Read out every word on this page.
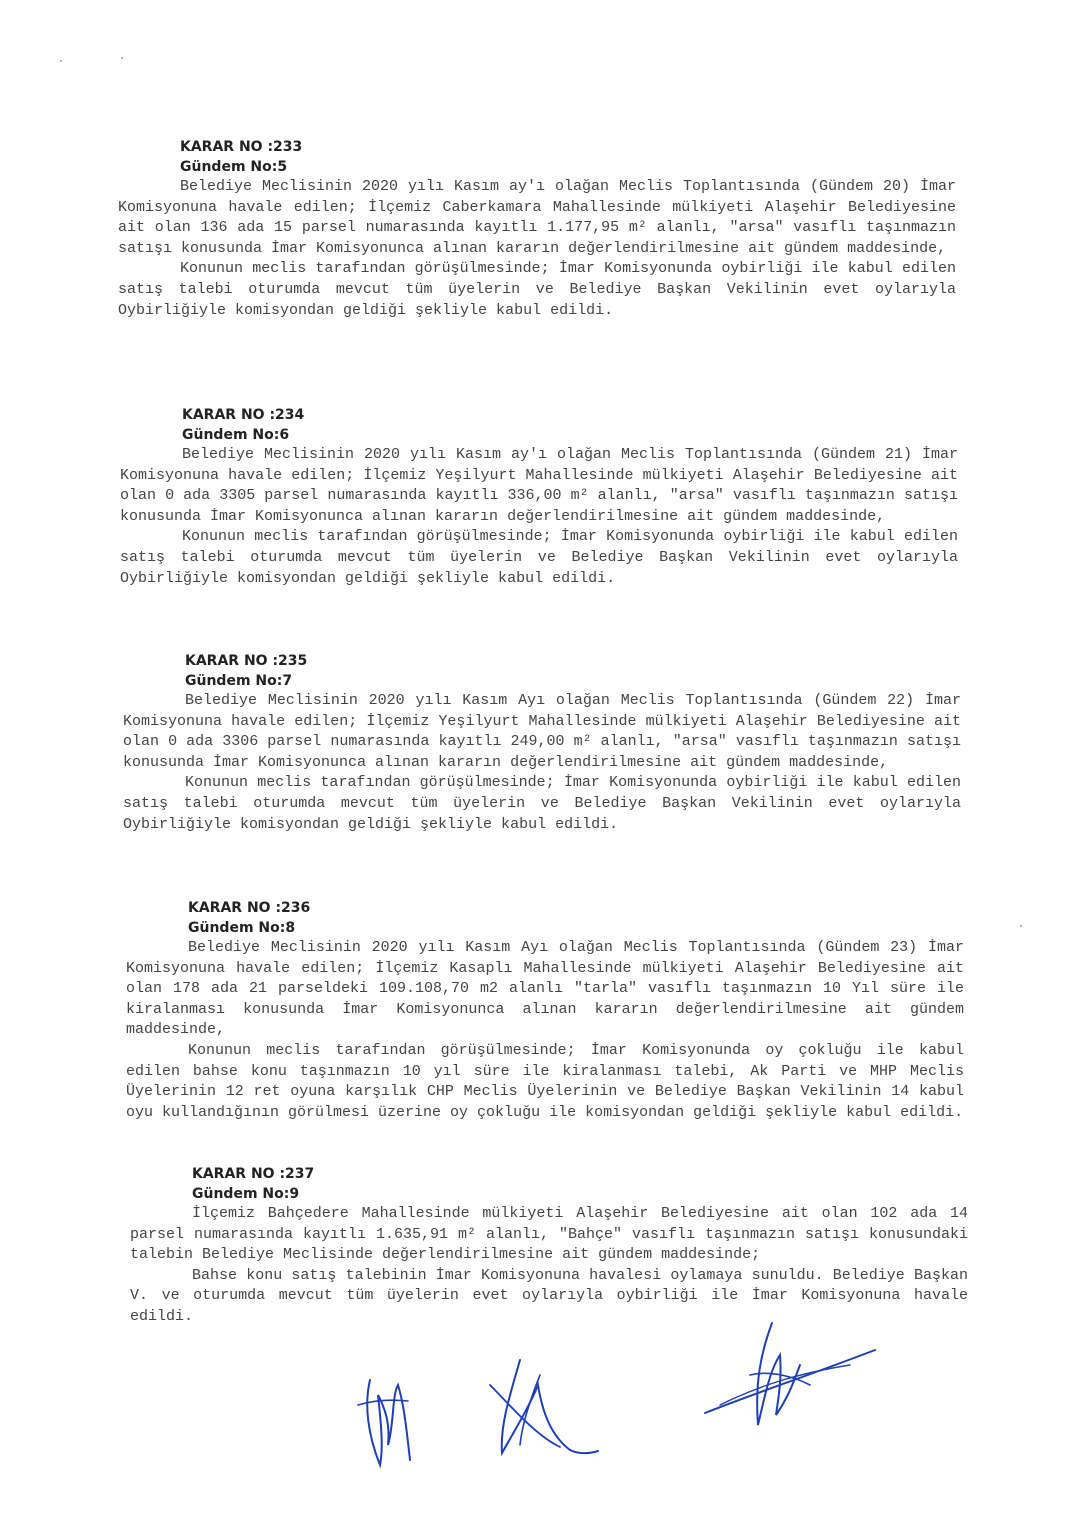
KARAR NO :233
Gündem No:5

Belediye Meclisinin 2020 yılı Kasım ay'ı olağan Meclis Toplantısında (Gündem 20) İmar Komisyonuna havale edilen; İlçemiz Caberkamara Mahallesinde mülkiyeti Alaşehir Belediyesine ait olan 136 ada 15 parsel numarasında kayıtlı 1.177,95 m² alanlı, "arsa" vasıflı taşınmazın satışı konusunda İmar Komisyonunca alınan kararın değerlendirilmesine ait gündem maddesinde,

Konunun meclis tarafından görüşülmesinde; İmar Komisyonunda oybirliği ile kabul edilen satış talebi oturumda mevcut tüm üyelerin ve Belediye Başkan Vekilinin evet oylarıyla Oybirliğiyle komisyondan geldiği şekliyle kabul edildi.

KARAR NO :234
Gündem No:6

Belediye Meclisinin 2020 yılı Kasım ay'ı olağan Meclis Toplantısında (Gündem 21) İmar Komisyonuna havale edilen; İlçemiz Yeşilyurt Mahallesinde mülkiyeti Alaşehir Belediyesine ait olan 0 ada 3305 parsel numarasında kayıtlı 336,00 m² alanlı, "arsa" vasıflı taşınmazın satışı konusunda İmar Komisyonunca alınan kararın değerlendirilmesine ait gündem maddesinde,

Konunun meclis tarafından görüşülmesinde; İmar Komisyonunda oybirliği ile kabul edilen satış talebi oturumda mevcut tüm üyelerin ve Belediye Başkan Vekilinin evet oylarıyla Oybirliğiyle komisyondan geldiği şekliyle kabul edildi.

KARAR NO :235
Gündem No:7

Belediye Meclisinin 2020 yılı Kasım Ayı olağan Meclis Toplantısında (Gündem 22) İmar Komisyonuna havale edilen; İlçemiz Yeşilyurt Mahallesinde mülkiyeti Alaşehir Belediyesine ait olan 0 ada 3306 parsel numarasında kayıtlı 249,00 m² alanlı, "arsa" vasıflı taşınmazın satışı konusunda İmar Komisyonunca alınan kararın değerlendirilmesine ait gündem maddesinde,

Konunun meclis tarafından görüşülmesinde; İmar Komisyonunda oybirliği ile kabul edilen satış talebi oturumda mevcut tüm üyelerin ve Belediye Başkan Vekilinin evet oylarıyla Oybirliğiyle komisyondan geldiği şekliyle kabul edildi.

KARAR NO :236
Gündem No:8

Belediye Meclisinin 2020 yılı Kasım Ayı olağan Meclis Toplantısında (Gündem 23) İmar Komisyonuna havale edilen; İlçemiz Kasaplı Mahallesinde mülkiyeti Alaşehir Belediyesine ait olan 178 ada 21 parseldeki 109.108,70 m2 alanlı "tarla" vasıflı taşınmazın 10 Yıl süre ile kiralanması konusunda İmar Komisyonunca alınan kararın değerlendirilmesine ait gündem maddesinde,

Konunun meclis tarafından görüşülmesinde; İmar Komisyonunda oy çokluğu ile kabul edilen bahse konu taşınmazın 10 yıl süre ile kiralanması talebi, Ak Parti ve MHP Meclis Üyelerinin 12 ret oyuna karşılık CHP Meclis Üyelerinin ve Belediye Başkan Vekilinin 14 kabul oyu kullandığının görülmesi üzerine oy çokluğu ile komisyondan geldiği şekliyle kabul edildi.

KARAR NO :237
Gündem No:9

İlçemiz Bahçedere Mahallesinde mülkiyeti Alaşehir Belediyesine ait olan 102 ada 14 parsel numarasında kayıtlı 1.635,91 m² alanlı, "Bahçe" vasıflı taşınmazın satışı konusundaki talebin Belediye Meclisinde değerlendirilmesine ait gündem maddesinde;

Bahse konu satış talebinin İmar Komisyonuna havalesi oylamaya sunuldu. Belediye Başkan V. ve oturumda mevcut tüm üyelerin evet oylarıyla oybirliği ile İmar Komisyonuna havale edildi.
